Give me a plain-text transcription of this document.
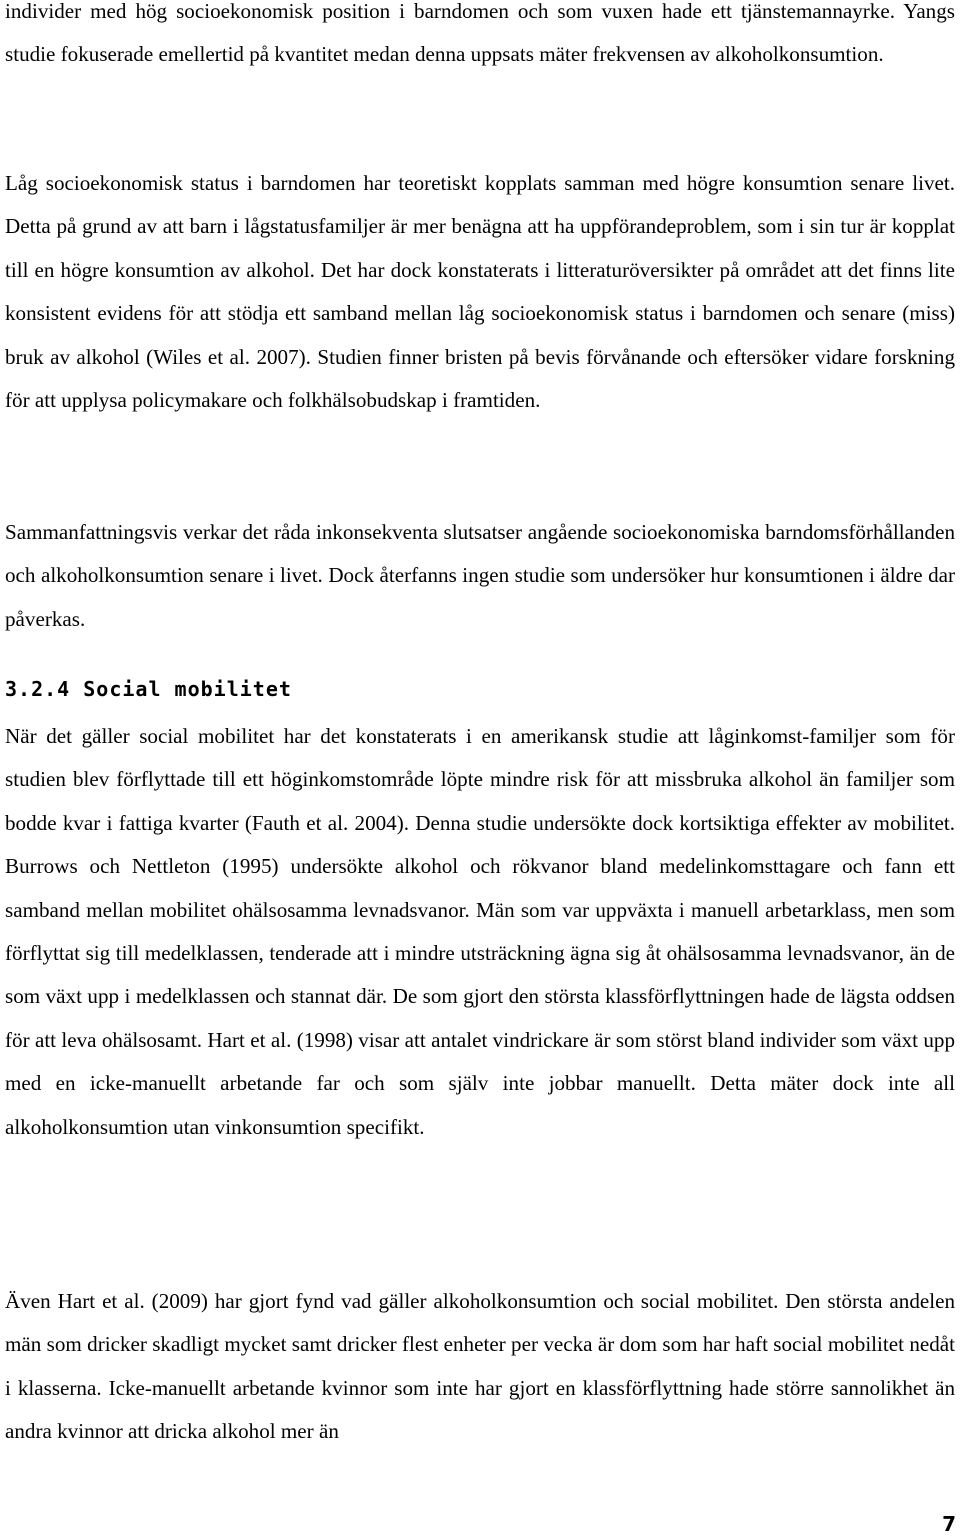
individer med hög socioekonomisk position i barndomen och som vuxen hade ett tjänstemannayrke. Yangs studie fokuserade emellertid på kvantitet medan denna uppsats mäter frekvensen av alkoholkonsumtion.

Låg socioekonomisk status i barndomen har teoretiskt kopplats samman med högre konsumtion senare livet. Detta på grund av att barn i lågstatusfamiljer är mer benägna att ha uppförandeproblem, som i sin tur är kopplat till en högre konsumtion av alkohol. Det har dock konstaterats i litteraturöversikter på området att det finns lite konsistent evidens för att stödja ett samband mellan låg socioekonomisk status i barndomen och senare (miss) bruk av alkohol (Wiles et al. 2007). Studien finner bristen på bevis förvånande och eftersöker vidare forskning för att upplysa policymakare och folkhälsobudskap i framtiden.

Sammanfattningsvis verkar det råda inkonsekventa slutsatser angående socioekonomiska barndomsförhållanden och alkoholkonsumtion senare i livet. Dock återfanns ingen studie som undersöker hur konsumtionen i äldre dar påverkas.

3.2.4 Social mobilitet

När det gäller social mobilitet har det konstaterats i en amerikansk studie att låginkomst-familjer som för studien blev förflyttade till ett höginkomstområde löpte mindre risk för att missbruka alkohol än familjer som bodde kvar i fattiga kvarter (Fauth et al. 2004). Denna studie undersökte dock kortsiktiga effekter av mobilitet. Burrows och Nettleton (1995) undersökte alkohol och rökvanor bland medelinkomsttagare och fann ett samband mellan mobilitet ohälsosamma levnadsvanor. Män som var uppväxta i manuell arbetarklass, men som förflyttat sig till medelklassen, tenderade att i mindre utsträckning ägna sig åt ohälsosamma levnadsvanor, än de som växt upp i medelklassen och stannat där. De som gjort den största klassförflyttningen hade de lägsta oddsen för att leva ohälsosamt. Hart et al. (1998) visar att antalet vindrickare är som störst bland individer som växt upp med en icke-manuellt arbetande far och som själv inte jobbar manuellt. Detta mäter dock inte all alkoholkonsumtion utan vinkonsumtion specifikt.

Även Hart et al. (2009) har gjort fynd vad gäller alkoholkonsumtion och social mobilitet. Den största andelen män som dricker skadligt mycket samt dricker flest enheter per vecka är dom som har haft social mobilitet nedåt i klasserna. Icke-manuellt arbetande kvinnor som inte har gjort en klassförflyttning hade större sannolikhet än andra kvinnor att dricka alkohol mer än

7
